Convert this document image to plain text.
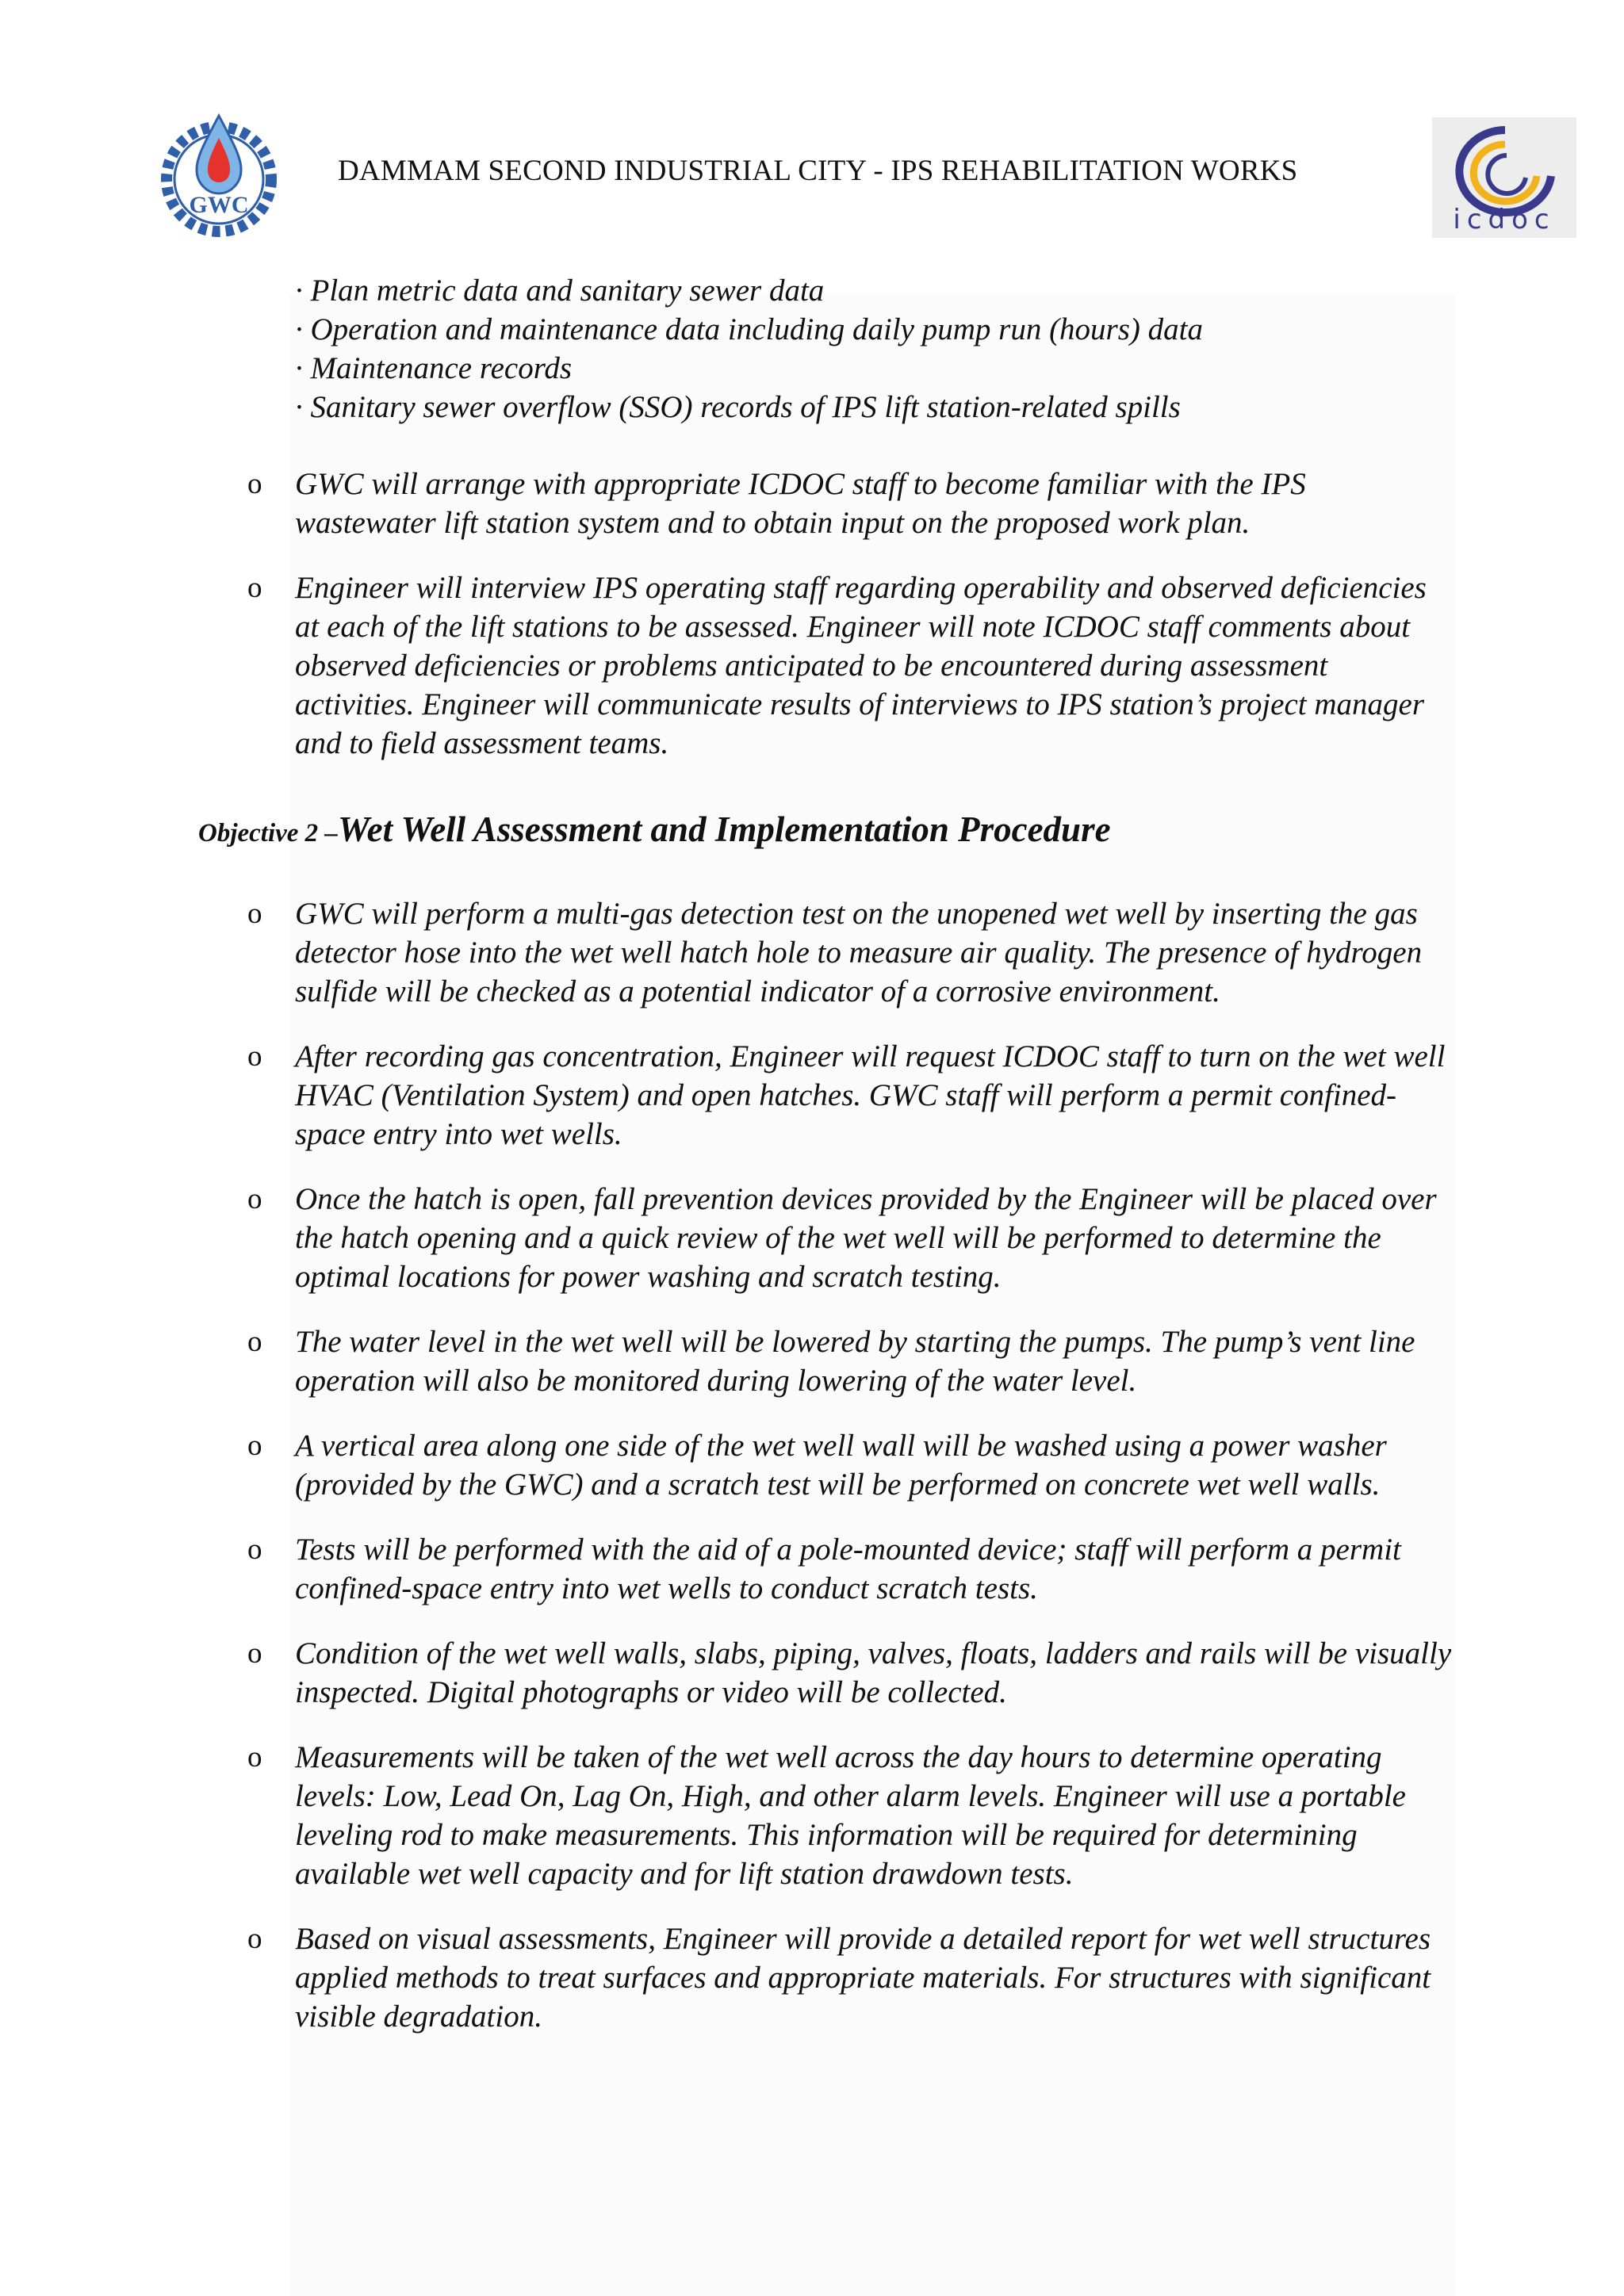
GWC
DAMMAM SECOND INDUSTRIAL CITY - IPS REHABILITATION WORKS
icdoc
· Plan metric data and sanitary sewer data
· Operation and maintenance data including daily pump run (hours) data
· Maintenance records
· Sanitary sewer overflow (SSO) records of IPS lift station-related spills
o GWC will arrange with appropriate ICDOC staff to become familiar with the IPS wastewater lift station system and to obtain input on the proposed work plan.
o Engineer will interview IPS operating staff regarding operability and observed deficiencies at each of the lift stations to be assessed. Engineer will note ICDOC staff comments about observed deficiencies or problems anticipated to be encountered during assessment activities. Engineer will communicate results of interviews to IPS station’s project manager and to field assessment teams.
Objective 2 –Wet Well Assessment and Implementation Procedure
o GWC will perform a multi-gas detection test on the unopened wet well by inserting the gas detector hose into the wet well hatch hole to measure air quality. The presence of hydrogen sulfide will be checked as a potential indicator of a corrosive environment.
o After recording gas concentration, Engineer will request ICDOC staff to turn on the wet well HVAC (Ventilation System) and open hatches. GWC staff will perform a permit confined-space entry into wet wells.
o Once the hatch is open, fall prevention devices provided by the Engineer will be placed over the hatch opening and a quick review of the wet well will be performed to determine the optimal locations for power washing and scratch testing.
o The water level in the wet well will be lowered by starting the pumps. The pump’s vent line operation will also be monitored during lowering of the water level.
o A vertical area along one side of the wet well wall will be washed using a power washer (provided by the GWC) and a scratch test will be performed on concrete wet well walls.
o Tests will be performed with the aid of a pole-mounted device; staff will perform a permit confined-space entry into wet wells to conduct scratch tests.
o Condition of the wet well walls, slabs, piping, valves, floats, ladders and rails will be visually inspected. Digital photographs or video will be collected.
o Measurements will be taken of the wet well across the day hours to determine operating levels: Low, Lead On, Lag On, High, and other alarm levels. Engineer will use a portable leveling rod to make measurements. This information will be required for determining available wet well capacity and for lift station drawdown tests.
o Based on visual assessments, Engineer will provide a detailed report for wet well structures applied methods to treat surfaces and appropriate materials. For structures with significant visible degradation.
